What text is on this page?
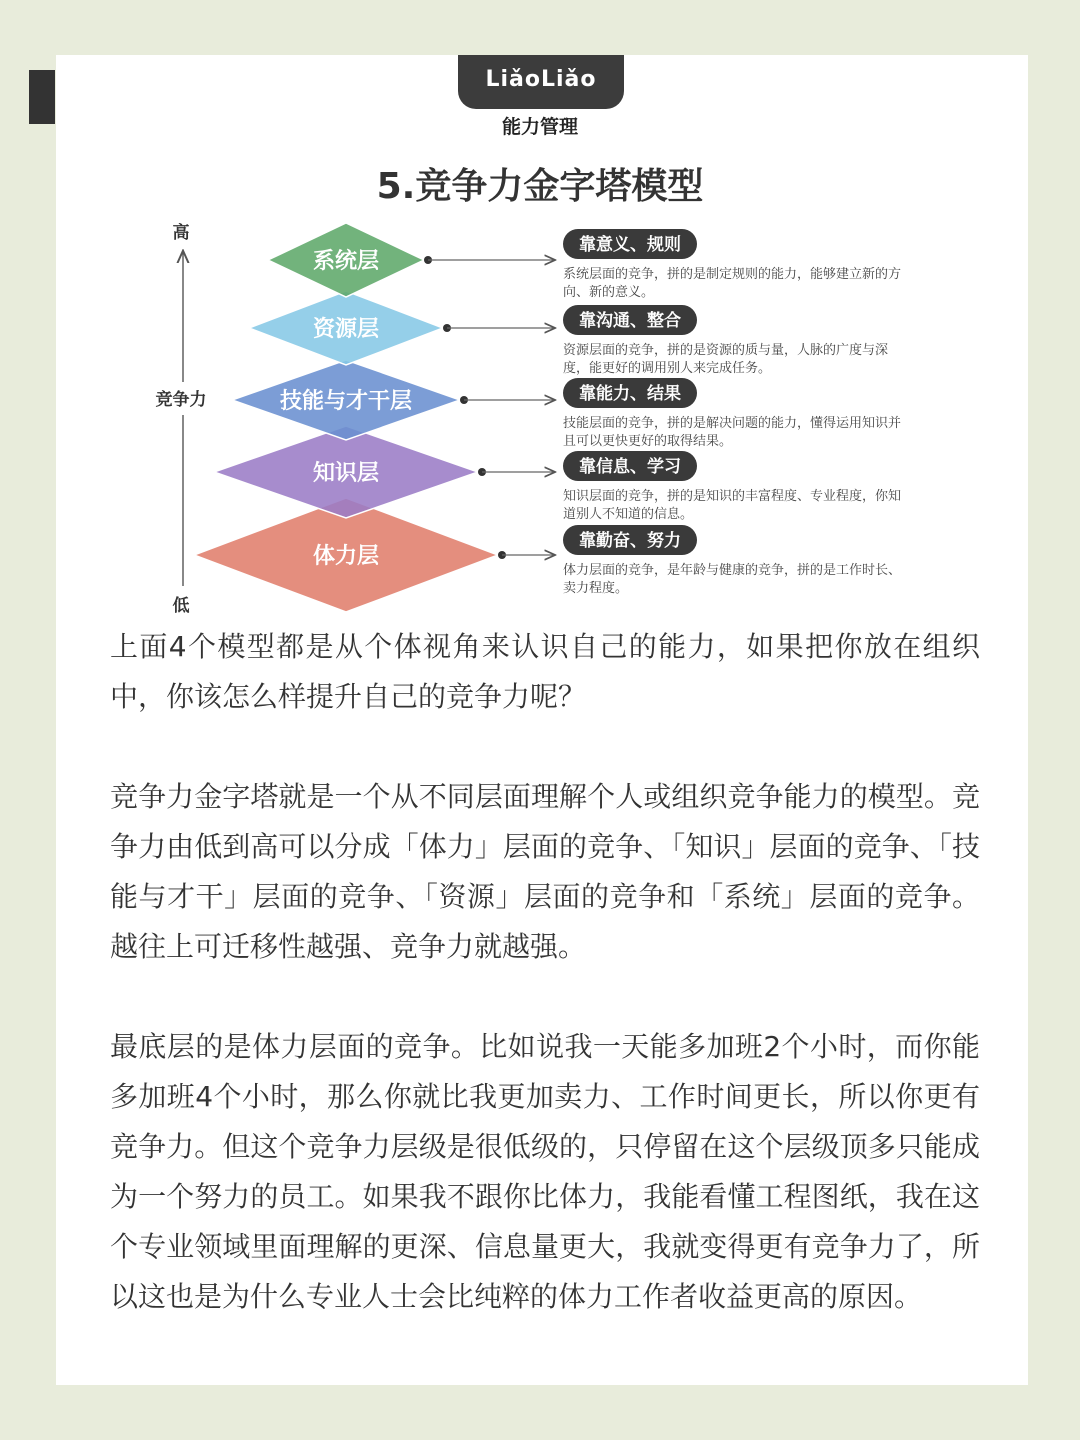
LiǎoLiǎo
能力管理
5.竞争力金字塔模型
高
竞争力
低
系统层
靠意义、规则
系统层面的竞争，拼的是制定规则的能力，能够建立新的方
向、新的意义。
资源层	靠沟通、整合
资源层面的竞争，拼的是资源的质与量，人脉的广度与深
度，能更好的调用别人来完成任务。
技能与才干层	靠能力、结果
技能层面的竞争，拼的是解决问题的能力，懂得运用知识并
且可以更快更好的取得结果。
知识层	靠信息、学习
知识层面的竞争，拼的是知识的丰富程度、专业程度，你知
道别人不知道的信息。
体力层
靠勤奋、努力
体力层面的竞争，是年龄与健康的竞争，拼的是工作时长、
卖力程度。

上面4个模型都是从个体视角来认识自己的能力，如果把你放在组织中，你该怎么样提升自己的竞争力呢？

竞争力金字塔就是一个从不同层面理解个人或组织竞争能力的模型。竞争力由低到高可以分成「体力」层面的竞争、「知识」层面的竞争、「技能与才干」层面的竞争、「资源」层面的竞争和「系统」层面的竞争。越往上可迁移性越强、竞争力就越强。

最底层的是体力层面的竞争。比如说我一天能多加班2个小时，而你能多加班4个小时，那么你就比我更加卖力、工作时间更长，所以你更有竞争力。但这个竞争力层级是很低级的，只停留在这个层级顶多只能成为一个努力的员工。如果我不跟你比体力，我能看懂工程图纸，我在这个专业领域里面理解的更深、信息量更大，我就变得更有竞争力了，所以这也是为什么专业人士会比纯粹的体力工作者收益更高的原因。
